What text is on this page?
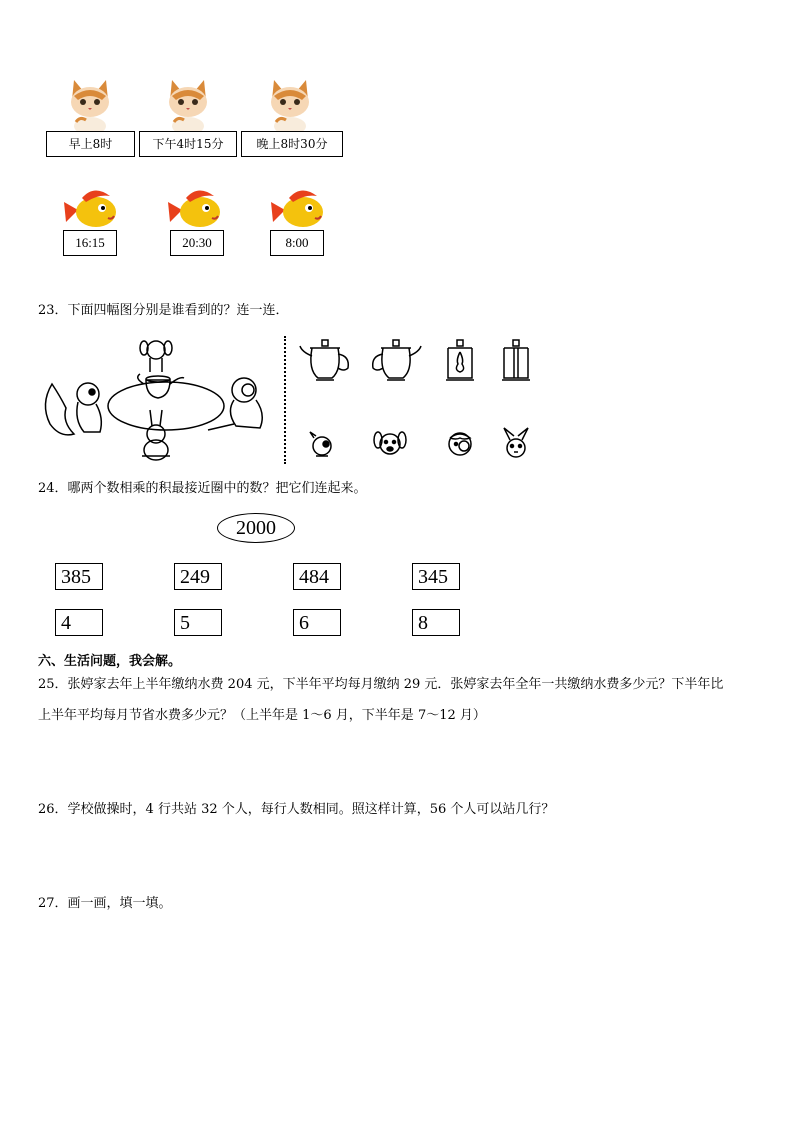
早上8时	下午4时15分	晚上8时30分
16:15	20:30	8:00
23．下面四幅图分别是谁看到的？连一连．
24．哪两个数相乘的积最接近圈中的数？把它们连起来。
2000
385	249	484	345
4	5	6	8
六、生活问题，我会解。
25．张婷家去年上半年缴纳水费 204 元，下半年平均每月缴纳 29 元．张婷家去年全年一共缴纳水费多少元？下半年比
上半年平均每月节省水费多少元？（上半年是 1～6 月，下半年是 7～12 月）
26．学校做操时，4 行共站 32 个人，每行人数相同。照这样计算，56 个人可以站几行？
27．画一画，填一填。
